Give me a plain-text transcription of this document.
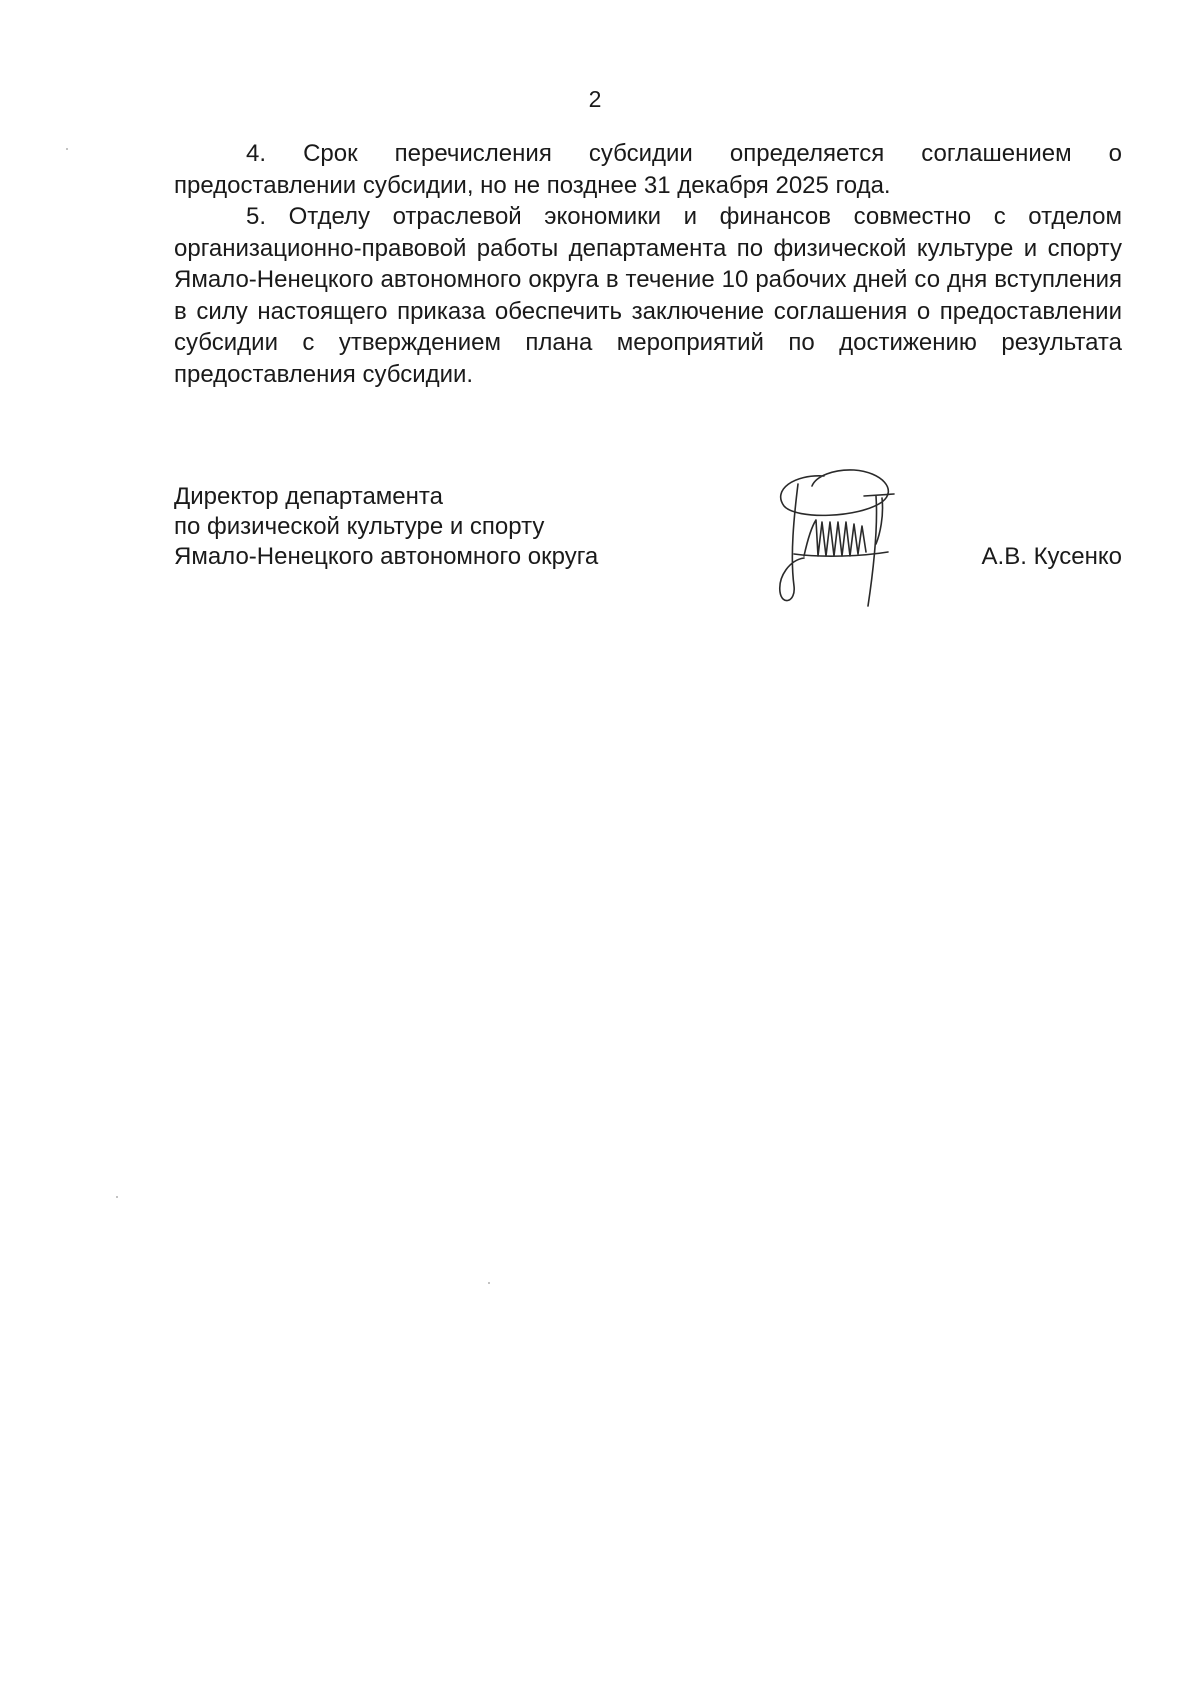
2

4. Срок перечисления субсидии определяется соглашением о предоставлении субсидии, но не позднее 31 декабря 2025 года.

5. Отделу отраслевой экономики и финансов совместно с отделом организационно-правовой работы департамента по физической культуре и спорту Ямало-Ненецкого автономного округа в течение 10 рабочих дней со дня вступления в силу настоящего приказа обеспечить заключение соглашения о предоставлении субсидии с утверждением плана мероприятий по достижению результата предоставления субсидии.

Директор департамента
по физической культуре и спорту
Ямало-Ненецкого автономного округа	А.В. Кусенко
